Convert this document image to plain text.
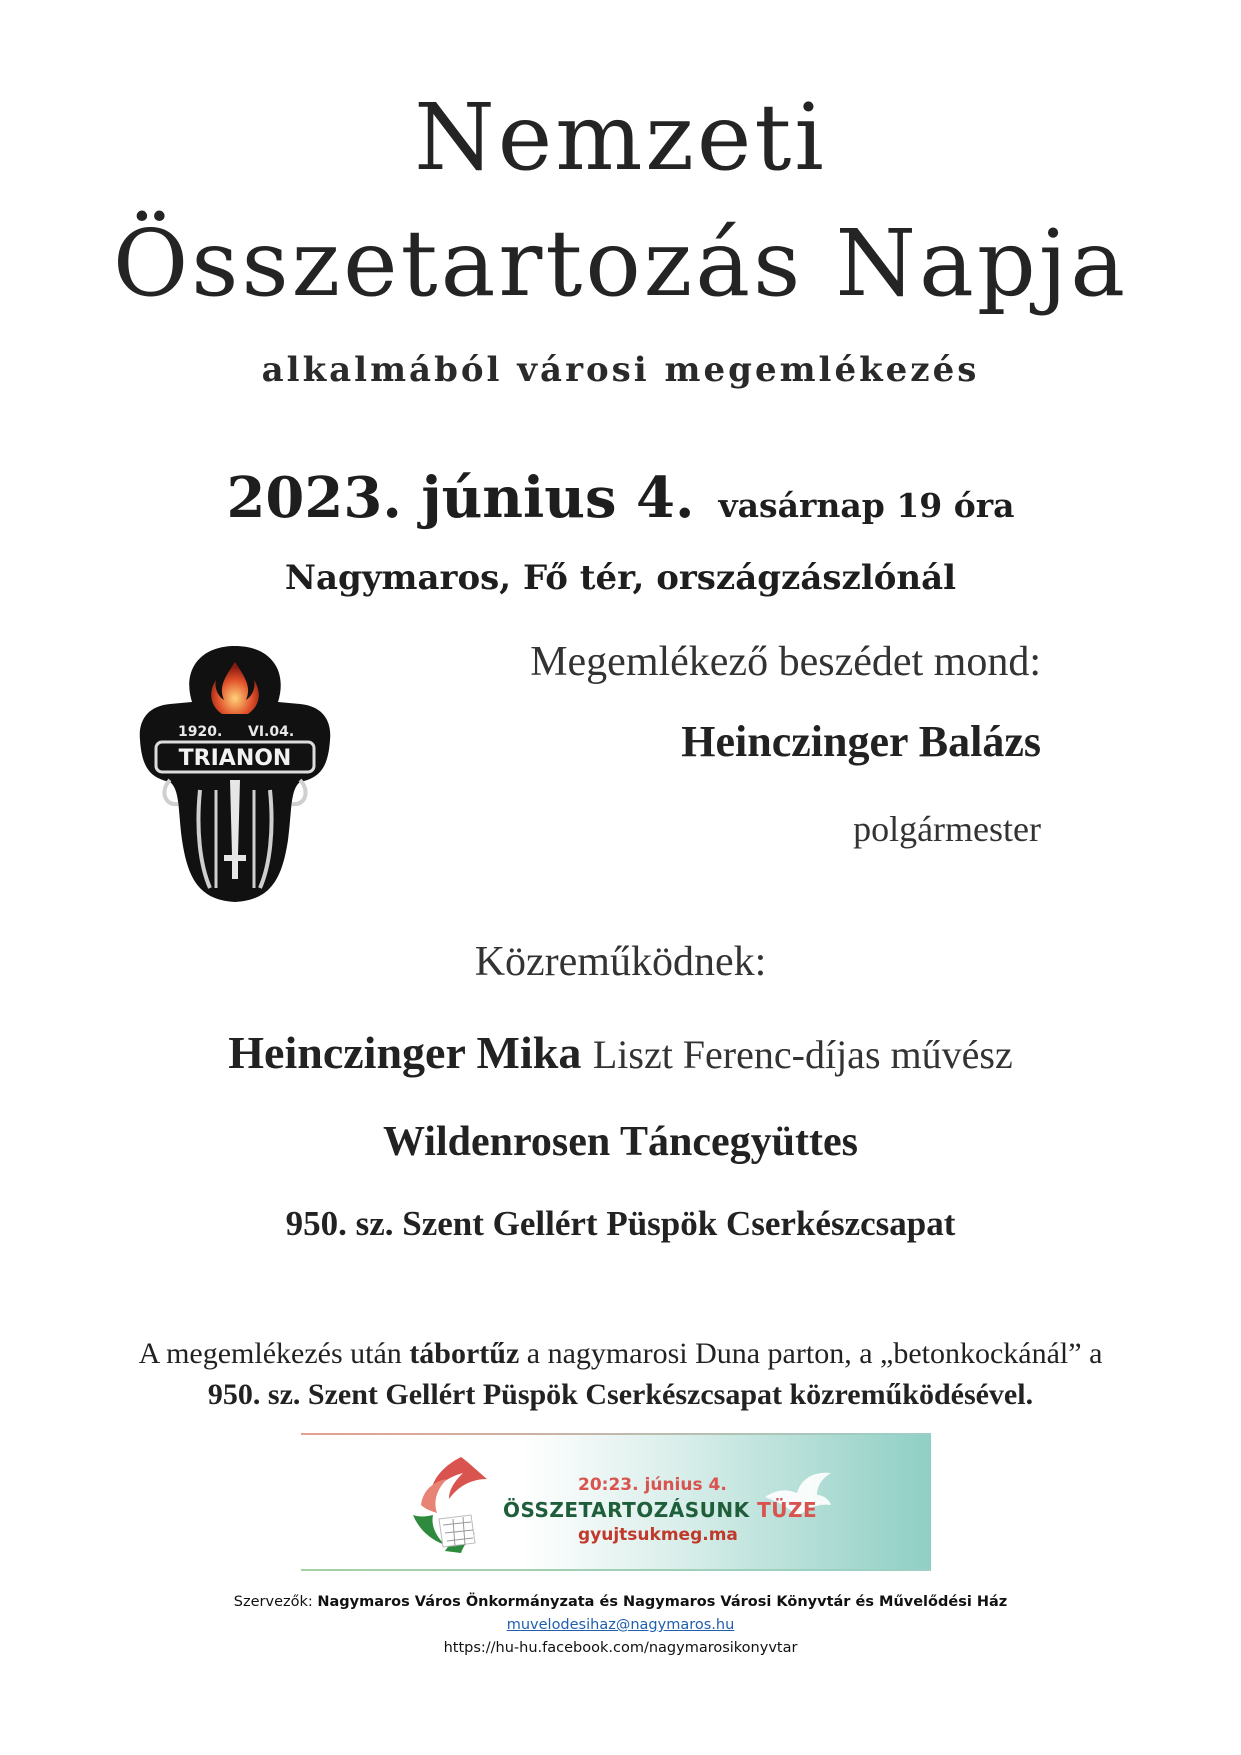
Nemzeti
Összetartozás Napja
alkalmából városi megemlékezés
2023. június 4. vasárnap 19 óra
Nagymaros, Fő tér, országzászlónál
1920. VI.04.
TRIANON
Megemlékező beszédet mond:
Heinczinger Balázs
polgármester
Közreműködnek:
Heinczinger Mika Liszt Ferenc-díjas művész
Wildenrosen Táncegyüttes
950. sz. Szent Gellért Püspök Cserkészcsapat
A megemlékezés után tábortűz a nagymarosi Duna parton, a „betonkockánál” a
950. sz. Szent Gellért Püspök Cserkészcsapat közreműködésével.
20:23. június 4.
ÖSSZETARTOZÁSUNK TÜZE
gyujtsukmeg.ma
Szervezők: Nagymaros Város Önkormányzata és Nagymaros Városi Könyvtár és Művelődési Ház
muvelodesihaz@nagymaros.hu
https://hu-hu.facebook.com/nagymarosikonyvtar
